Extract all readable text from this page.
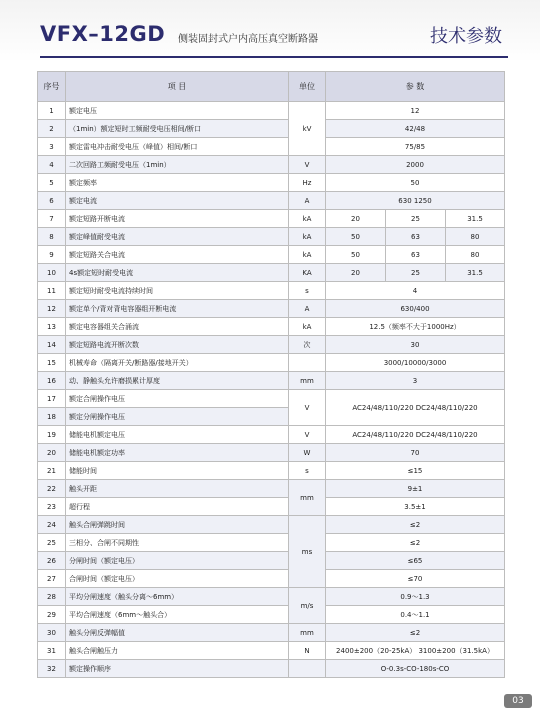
VFX–12GD 侧装固封式户内高压真空断路器	技术参数
序号	项 目	单位	参 数		
1	额定电压	kV	12		
2	（1min）额定短时工频耐受电压相间/断口		42/48		
3	额定雷电冲击耐受电压（峰值）相间/断口		75/85		
4	二次回路工频耐受电压（1min）	V	2000		
5	额定频率	Hz	50		
6	额定电流	A	630 1250		
7	额定短路开断电流	kA	20	25	31.5
8	额定峰值耐受电流	kA	50	63	80
9	额定短路关合电流	kA	50	63	80
10	4s额定短时耐受电流	KA	20	25	31.5
11	额定短时耐受电流持续时间	s	4		
12	额定单个/背对背电容器组开断电流	A	630/400		
13	额定电容器组关合涌流	kA	12.5（频率不大于1000Hz）		
14	额定短路电流开断次数	次	30		
15	机械寿命（隔离开关/断路器/接地开关）		3000/10000/3000		
16	动、静触头允许磨损累计厚度	mm	3		
17	额定合闸操作电压	V	AC24/48/110/220 DC24/48/110/220		
18	额定分闸操作电压				
19	储能电机额定电压	V	AC24/48/110/220 DC24/48/110/220		
20	储能电机额定功率	W	70		
21	储能时间	s	≤15		
22	触头开距	mm	9±1		
23	超行程		3.5±1		
24	触头合闸弹跳时间	ms	≤2		
25	三相分、合闸不同期性		≤2		
26	分闸时间（额定电压）		≤65		
27	合闸时间（额定电压）		≤70		
28	平均分闸速度（触头分离～6mm）	m/s	0.9～1.3		
29	平均合闸速度（6mm～触头合）		0.4～1.1		
30	触头分闸反弹幅值	mm	≤2		
31	触头合闸触压力	N	2400±200（20-25kA） 3100±200（31.5kA）		
32	额定操作顺序		O-0.3s-CO-180s-CO		
03
